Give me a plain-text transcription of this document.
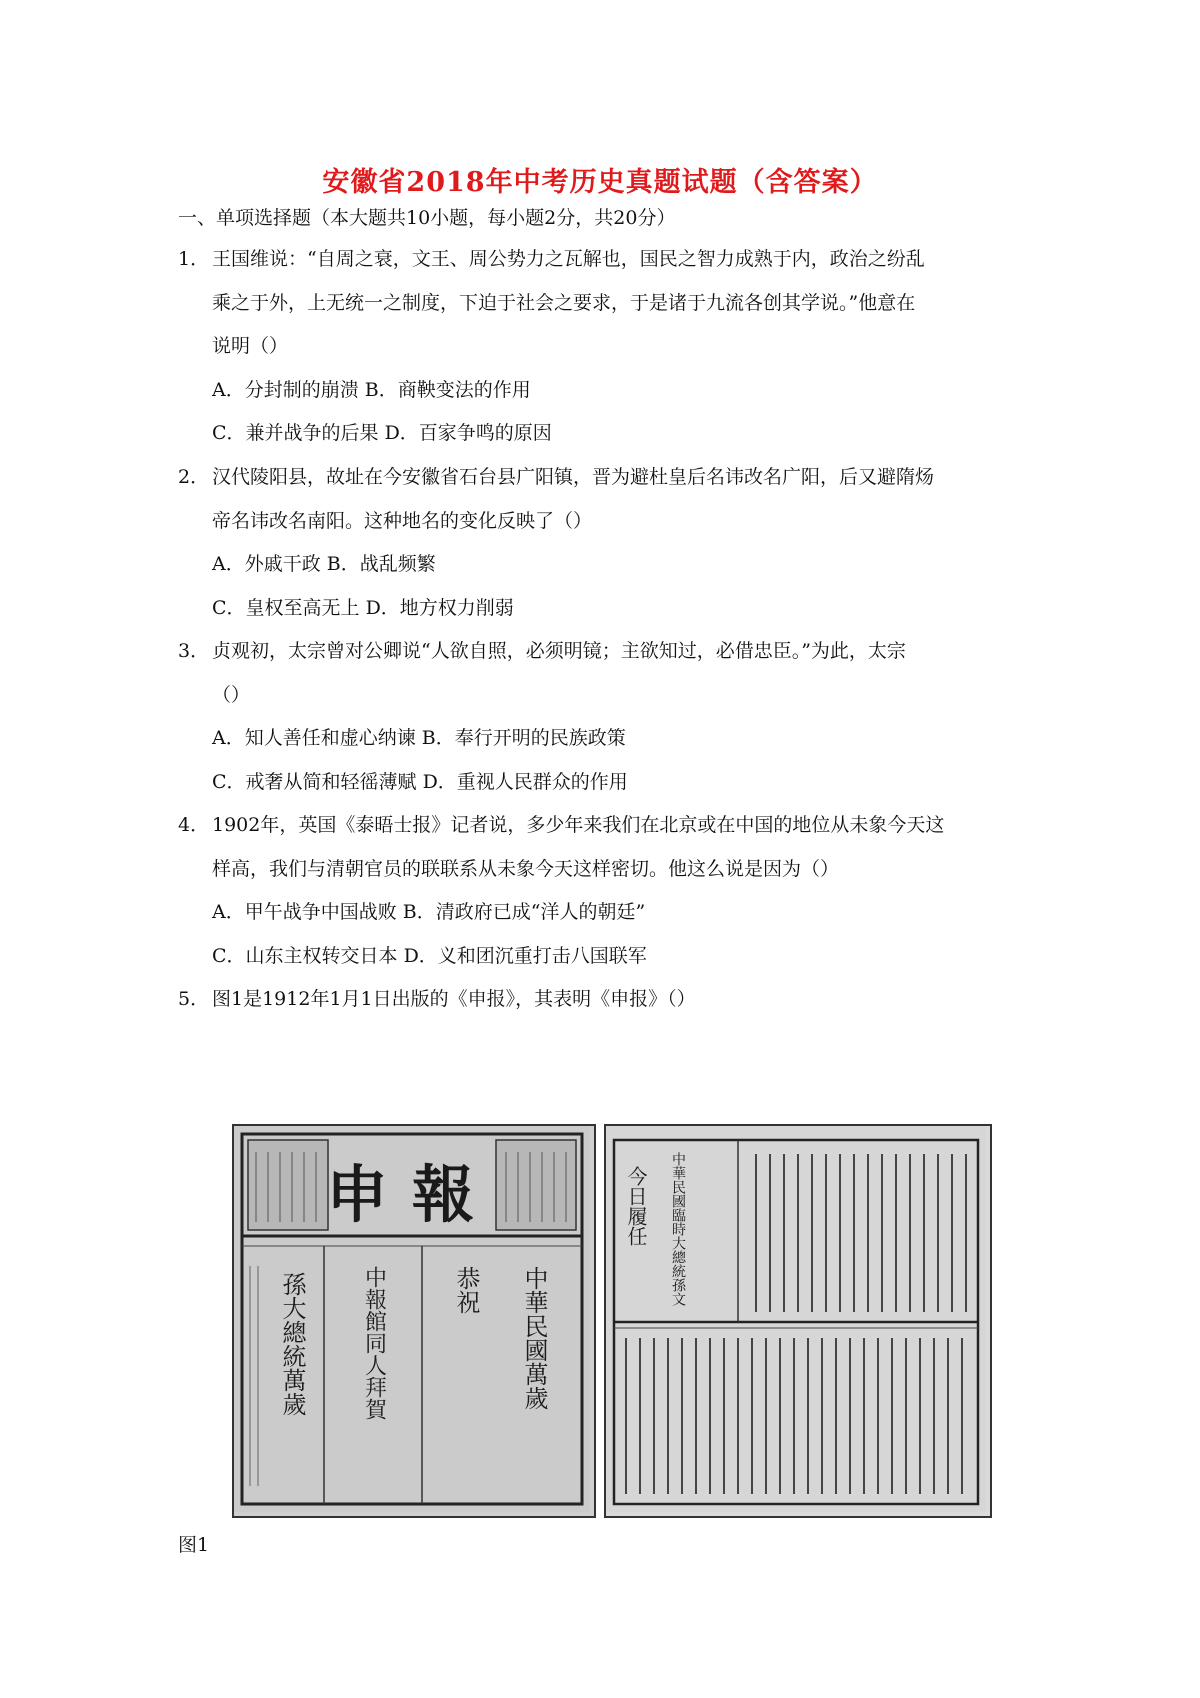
安徽省2018年中考历史真题试题（含答案）
一、单项选择题（本大题共10小题，每小题2分，共20分）
1． 王国维说：“自周之衰，文王、周公势力之瓦解也，国民之智力成熟于内，政治之纷乱
乘之于外，上无统一之制度，下迫于社会之要求，于是诸于九流各创其学说。”他意在
说明（）
A．分封制的崩溃 B．商鞅变法的作用
C．兼并战争的后果 D．百家争鸣的原因
2． 汉代陵阳县，故址在今安徽省石台县广阳镇，晋为避杜皇后名讳改名广阳，后又避隋炀
帝名讳改名南阳。这种地名的变化反映了（）
A．外戚干政 B．战乱频繁
C．皇权至高无上 D．地方权力削弱
3． 贞观初，太宗曾对公卿说“人欲自照，必须明镜；主欲知过，必借忠臣。”为此，太宗
（）
A．知人善任和虚心纳谏 B．奉行开明的民族政策
C．戒奢从简和轻徭薄赋 D．重视人民群众的作用
4． 1902年，英国《泰晤士报》记者说，多少年来我们在北京或在中国的地位从未象今天这
样高，我们与清朝官员的联联系从未象今天这样密切。他这么说是因为（）
A．甲午战争中国战败 B．清政府已成“洋人的朝廷”
C．山东主权转交日本 D．义和团沉重打击八国联军
5． 图1是1912年1月1日出版的《申报》，其表明《申报》（）
申報
孫大總統萬歲	中報館同人拜賀	恭祝 中華民國萬歲
今日履任 中華民國臨時大總統孫文
图1
